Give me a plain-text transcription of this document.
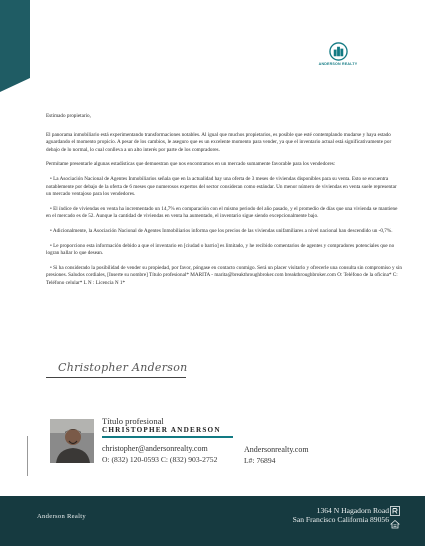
ANDERSON REALTY

Estimado propietario,

El panorama inmobiliario está experimentando transformaciones notables. Al igual que muchos propietarios, es posible que esté contemplando mudarse y haya estado aguardando el momento propicio. A pesar de los cambios, le aseguro que es un excelente momento para vender, ya que el inventario actual está significativamente por debajo de lo normal, lo cual conlleva a un alto interés por parte de los compradores.

Permítame presentarle algunas estadísticas que demuestran que nos encontramos en un mercado sumamente favorable para los vendedores:

• La Asociación Nacional de Agentes Inmobiliarios señala que en la actualidad hay una oferta de 3 meses de viviendas disponibles para su venta. Esto se encuentra notablemente por debajo de la oferta de 6 meses que numerosos expertos del sector consideran como estándar. Un menor número de viviendas en venta suele representar un mercado ventajoso para los vendedores.

• El índice de viviendas en venta ha incrementado un 14,7% en comparación con el mismo periodo del año pasado, y el promedio de días que una vivienda se mantiene en el mercado es de 52. Aunque la cantidad de viviendas en venta ha aumentado, el inventario sigue siendo excepcionalmente bajo.

• Adicionalmente, la Asociación Nacional de Agentes Inmobiliarios informa que los precios de las viviendas unifamiliares a nivel nacional han descendido un -0,7%.

• Le proporciono esta información debido a que el inventario en [ciudad o barrio] es limitado, y he recibido comentarios de agentes y compradores potenciales que no logran hallar lo que desean.

• Si ha considerado la posibilidad de vender su propiedad, por favor, póngase en contacto conmigo. Será un placer visitarlo y ofrecerle una consulta sin compromiso y sin presiones. Saludos cordiales, [Inserte su nombre] Título profesional* MARITA - marita@breakthroughbroker.com breakthroughbroker.com O: Teléfono de la oficina* C: Teléfono celular* L N : Licencia N 1*

Christopher Anderson
Título profesional
CHRISTOPHER ANDERSON
christopher@andersonrealty.com
O: (832) 120-0593 C: (832) 903-2752
Andersonrealty.com
L#: 76894
Anderson Realty
1364 N Hagadorn Road
San Francisco California 89056
